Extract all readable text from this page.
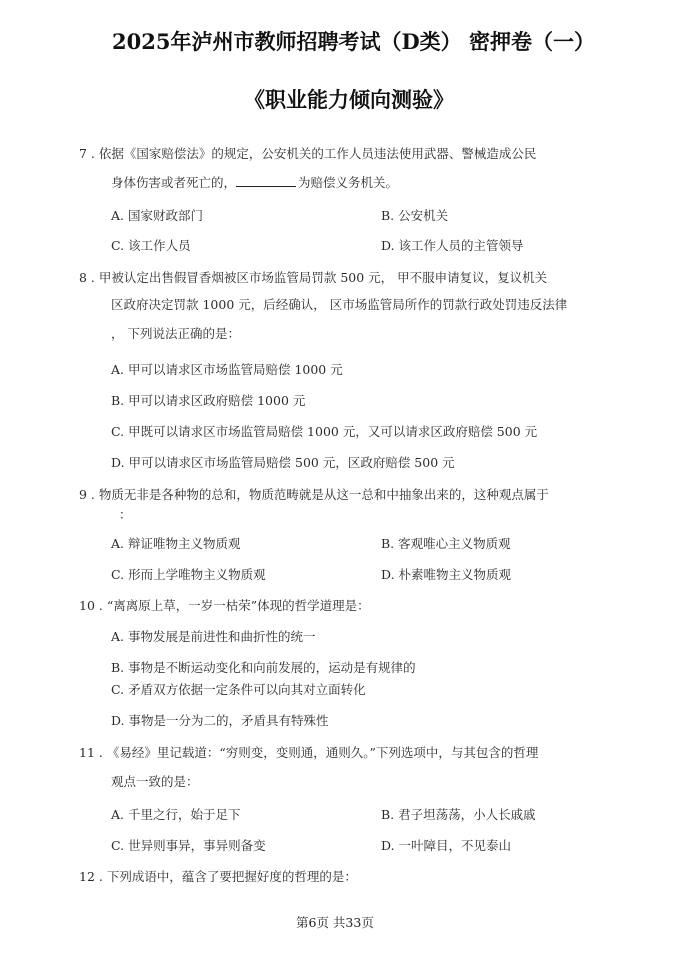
2025年泸州市教师招聘考试（D类） 密押卷（一）
《职业能力倾向测验》
7 . 依据《国家赔偿法》的规定，公安机关的工作人员违法使用武器、警械造成公民
身体伤害或者死亡的，	为赔偿义务机关。
A. 国家财政部门	B. 公安机关
C. 该工作人员	D. 该工作人员的主管领导
8 . 甲被认定出售假冒香烟被区市场监管局罚款 500 元， 甲不服申请复议，复议机关
区政府决定罚款 1000 元，后经确认， 区市场监管局所作的罚款行政处罚违反法律
， 下列说法正确的是：
A. 甲可以请求区市场监管局赔偿 1000 元
B. 甲可以请求区政府赔偿 1000 元
C. 甲既可以请求区市场监管局赔偿 1000 元，又可以请求区政府赔偿 500 元
D. 甲可以请求区市场监管局赔偿 500 元，区政府赔偿 500 元
9 . 物质无非是各种物的总和，物质范畴就是从这一总和中抽象出来的，这种观点属于
：
A. 辩证唯物主义物质观	B. 客观唯心主义物质观
C. 形而上学唯物主义物质观	D. 朴素唯物主义物质观
10 . “离离原上草，一岁一枯荣”体现的哲学道理是：
A. 事物发展是前进性和曲折性的统一
B. 事物是不断运动变化和向前发展的，运动是有规律的
C. 矛盾双方依据一定条件可以向其对立面转化
D. 事物是一分为二的，矛盾具有特殊性
11 . 《易经》里记载道：“穷则变，变则通，通则久。”下列选项中，与其包含的哲理
观点一致的是：
A. 千里之行，始于足下	B. 君子坦荡荡，小人长戚戚
C. 世异则事异，事异则备变	D. 一叶障目，不见泰山
12 . 下列成语中，蕴含了要把握好度的哲理的是：
第6页 共33页
